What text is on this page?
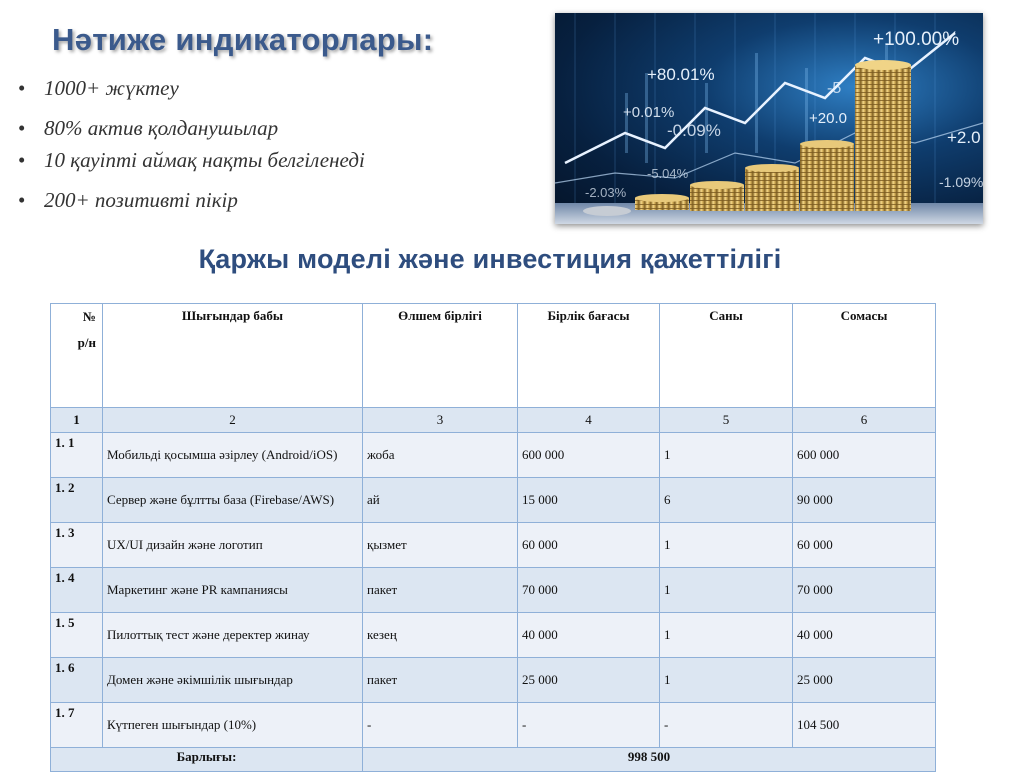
Нәтиже индикаторлары:
• 1000+ жүктеу
• 80% актив қолданушылар
• 10 қауіпті аймақ нақты белгіленеді
• 200+ позитивті пікір
+100.00%
+80.01%
+0.01%
-0.09%
+20.0
+2.0
-5.04%
-2.03%
-1.09%
-5
Қаржы моделі және инвестиция қажеттілігі
№
р/н	Шығындар бабы	Өлшем бірлігі	Бірлік бағасы	Саны	Сомасы
1	2	3	4	5	6
1. 1	Мобильді қосымша әзірлеу (Android/iOS)	жоба	600 000	1	600 000
1. 2	Сервер және бұлтты база (Firebase/AWS)	ай	15 000	6	90 000
1. 3	UX/UI дизайн және логотип	қызмет	60 000	1	60 000
1. 4	Маркетинг және PR кампаниясы	пакет	70 000	1	70 000
1. 5	Пилоттық тест және деректер жинау	кезең	40 000	1	40 000
1. 6	Домен және әкімшілік шығындар	пакет	25 000	1	25 000
1. 7	Күтпеген шығындар (10%)	-	-	-	104 500
Барлығы:		998 500			
